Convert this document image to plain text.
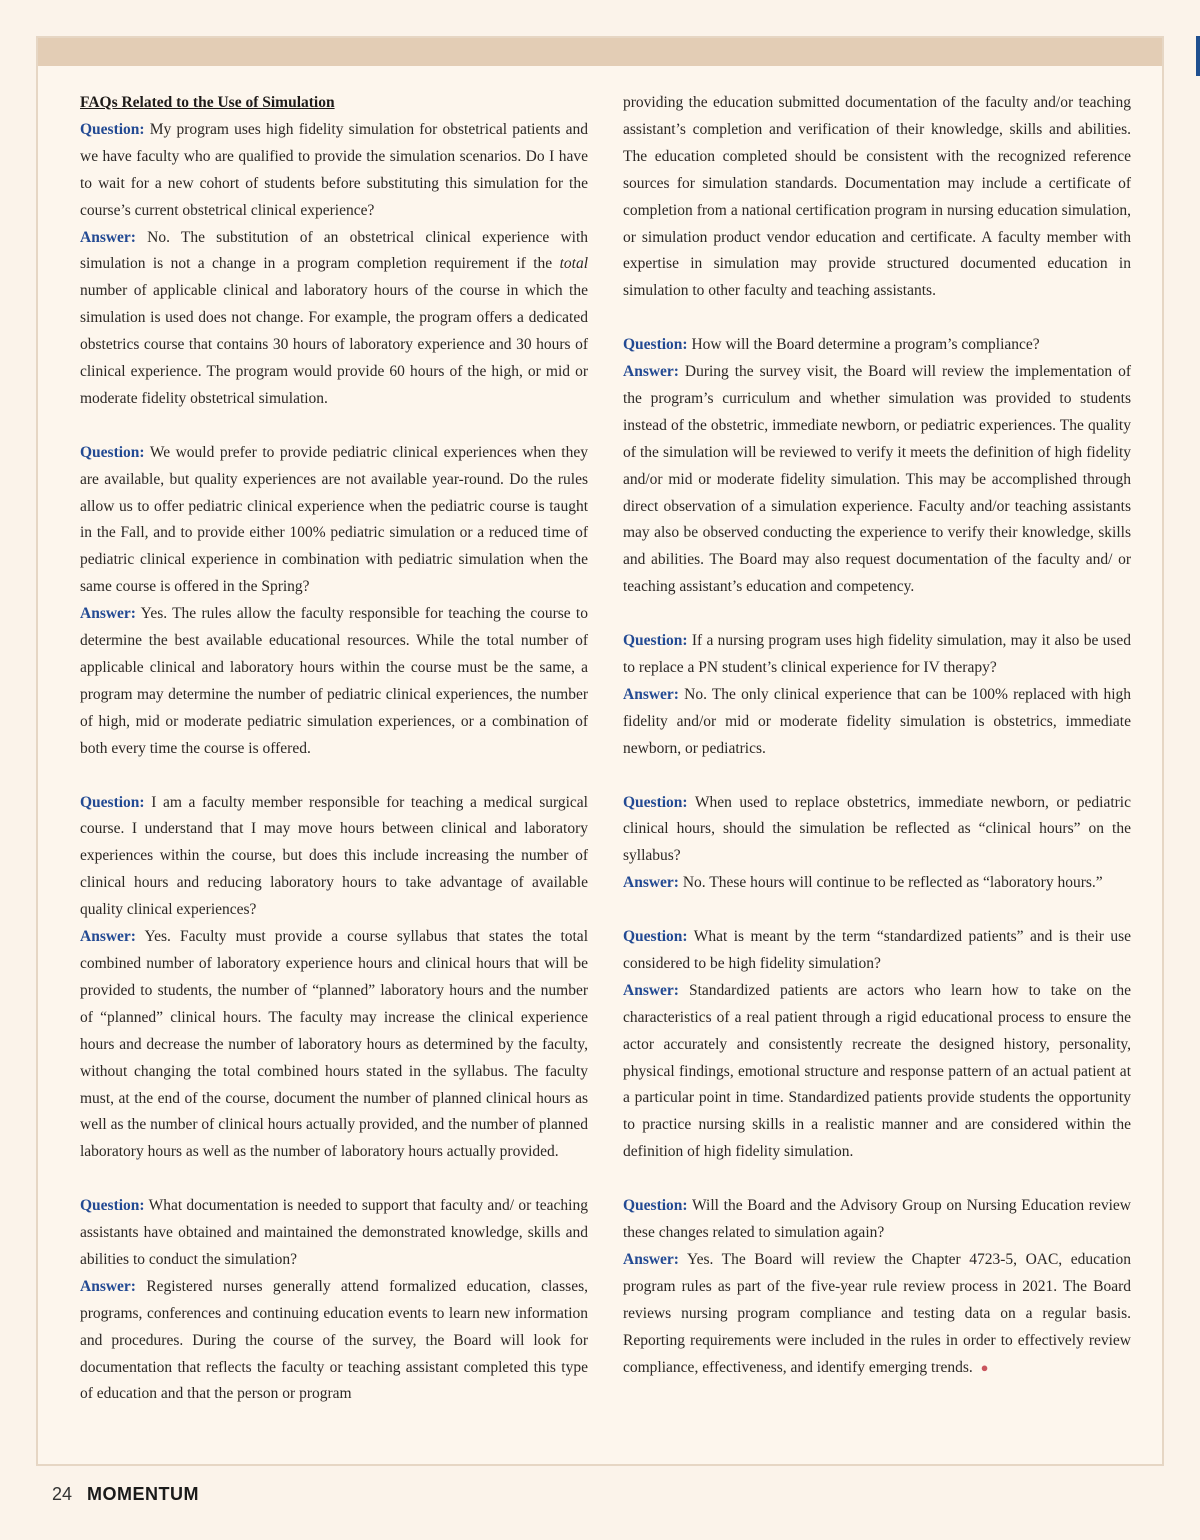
FAQs Related to the Use of Simulation

Question: My program uses high fidelity simulation for obstetrical patients and we have faculty who are qualified to provide the simulation scenarios. Do I have to wait for a new cohort of students before substituting this simulation for the course’s current obstetrical clinical experience?

Answer: No. The substitution of an obstetrical clinical experience with simulation is not a change in a program completion requirement if the total number of applicable clinical and laboratory hours of the course in which the simulation is used does not change. For example, the program offers a dedicated obstetrics course that contains 30 hours of laboratory experience and 30 hours of clinical experience. The program would provide 60 hours of the high, or mid or moderate fidelity obstetrical simulation.

Question: We would prefer to provide pediatric clinical experiences when they are available, but quality experiences are not available year-round. Do the rules allow us to offer pediatric clinical experience when the pediatric course is taught in the Fall, and to provide either 100% pediatric simulation or a reduced time of pediatric clinical experience in combination with pediatric simulation when the same course is offered in the Spring?

Answer: Yes. The rules allow the faculty responsible for teaching the course to determine the best available educational resources. While the total number of applicable clinical and laboratory hours within the course must be the same, a program may determine the number of pediatric clinical experiences, the number of high, mid or moderate pediatric simulation experiences, or a combination of both every time the course is offered.

Question: I am a faculty member responsible for teaching a medical surgical course. I understand that I may move hours between clinical and laboratory experiences within the course, but does this include increasing the number of clinical hours and reducing laboratory hours to take advantage of available quality clinical experiences?

Answer: Yes. Faculty must provide a course syllabus that states the total combined number of laboratory experience hours and clinical hours that will be provided to students, the number of “planned” laboratory hours and the number of “planned” clinical hours. The faculty may increase the clinical experience hours and decrease the number of laboratory hours as determined by the faculty, without changing the total combined hours stated in the syllabus. The faculty must, at the end of the course, document the number of planned clinical hours as well as the number of clinical hours actually provided, and the number of planned laboratory hours as well as the number of laboratory hours actually provided.

Question: What documentation is needed to support that faculty and/ or teaching assistants have obtained and maintained the demonstrated knowledge, skills and abilities to conduct the simulation?

Answer: Registered nurses generally attend formalized education, classes, programs, conferences and continuing education events to learn new information and procedures. During the course of the survey, the Board will look for documentation that reflects the faculty or teaching assistant completed this type of education and that the person or program

providing the education submitted documentation of the faculty and/or teaching assistant’s completion and verification of their knowledge, skills and abilities. The education completed should be consistent with the recognized reference sources for simulation standards. Documentation may include a certificate of completion from a national certification program in nursing education simulation, or simulation product vendor education and certificate. A faculty member with expertise in simulation may provide structured documented education in simulation to other faculty and teaching assistants.

Question: How will the Board determine a program’s compliance?

Answer: During the survey visit, the Board will review the implementation of the program’s curriculum and whether simulation was provided to students instead of the obstetric, immediate newborn, or pediatric experiences. The quality of the simulation will be reviewed to verify it meets the definition of high fidelity and/or mid or moderate fidelity simulation. This may be accomplished through direct observation of a simulation experience. Faculty and/or teaching assistants may also be observed conducting the experience to verify their knowledge, skills and abilities. The Board may also request documentation of the faculty and/ or teaching assistant’s education and competency.

Question: If a nursing program uses high fidelity simulation, may it also be used to replace a PN student’s clinical experience for IV therapy?

Answer: No. The only clinical experience that can be 100% replaced with high fidelity and/or mid or moderate fidelity simulation is obstetrics, immediate newborn, or pediatrics.

Question: When used to replace obstetrics, immediate newborn, or pediatric clinical hours, should the simulation be reflected as “clinical hours” on the syllabus?

Answer: No. These hours will continue to be reflected as “laboratory hours.”

Question: What is meant by the term “standardized patients” and is their use considered to be high fidelity simulation?

Answer: Standardized patients are actors who learn how to take on the characteristics of a real patient through a rigid educational process to ensure the actor accurately and consistently recreate the designed history, personality, physical findings, emotional structure and response pattern of an actual patient at a particular point in time. Standardized patients provide students the opportunity to practice nursing skills in a realistic manner and are considered within the definition of high fidelity simulation.

Question: Will the Board and the Advisory Group on Nursing Education review these changes related to simulation again?

Answer: Yes. The Board will review the Chapter 4723-5, OAC, education program rules as part of the five-year rule review process in 2021. The Board reviews nursing program compliance and testing data on a regular basis. Reporting requirements were included in the rules in order to effectively review compliance, effectiveness, and identify emerging trends. ●

24 MOMENTUM
